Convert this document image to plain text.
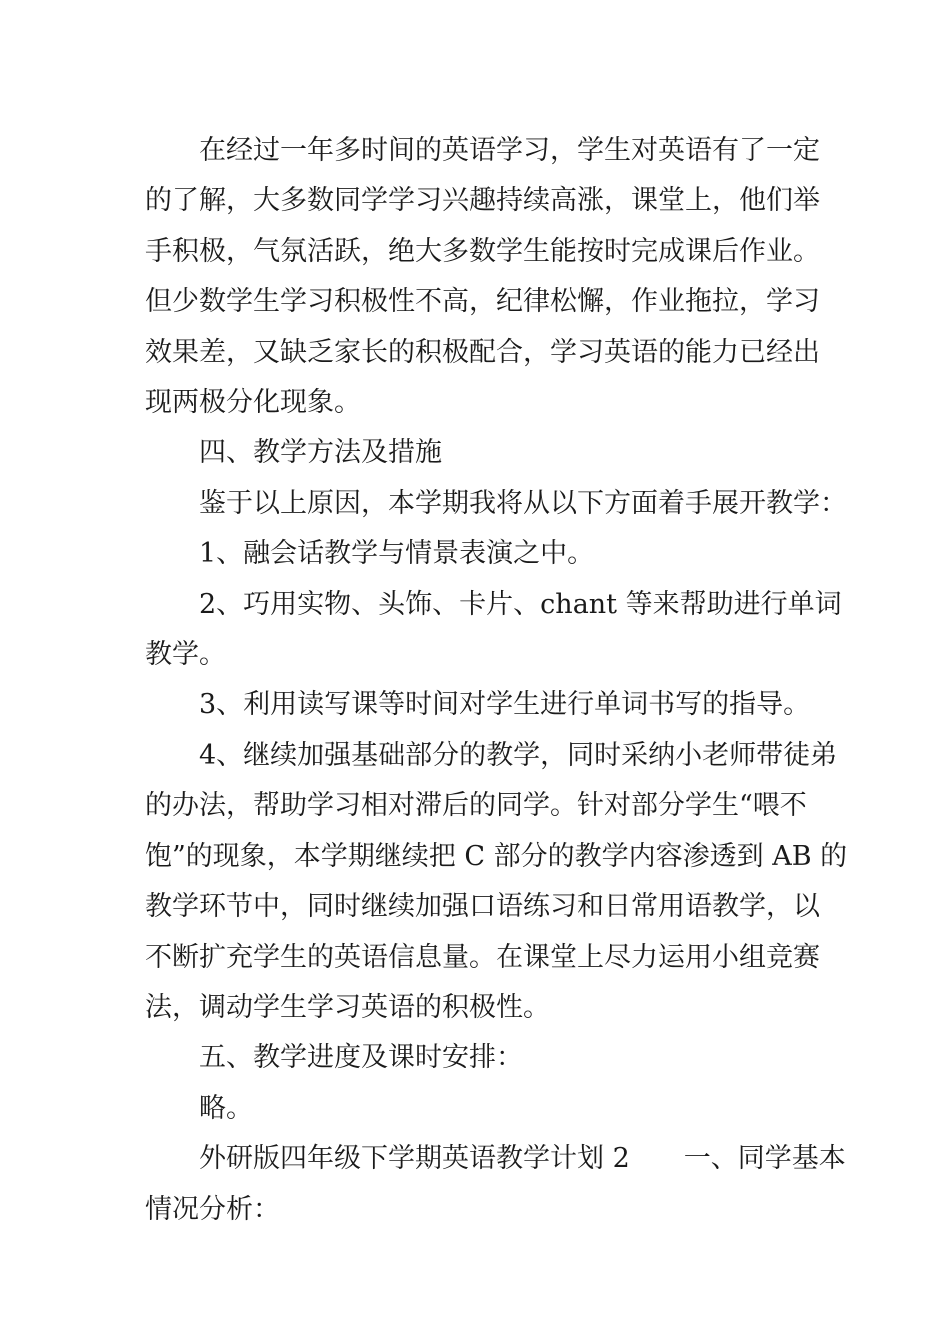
在经过一年多时间的英语学习，学生对英语有了一定
的了解，大多数同学学习兴趣持续高涨，课堂上，他们举
手积极，气氛活跃，绝大多数学生能按时完成课后作业。
但少数学生学习积极性不高，纪律松懈，作业拖拉，学习
效果差，又缺乏家长的积极配合，学习英语的能力已经出
现两极分化现象。

四、教学方法及措施

鉴于以上原因，本学期我将从以下方面着手展开教学：

1、融会话教学与情景表演之中。

2、巧用实物、头饰、卡片、chant 等来帮助进行单词
教学。

3、利用读写课等时间对学生进行单词书写的指导。

4、继续加强基础部分的教学，同时采纳小老师带徒弟
的办法，帮助学习相对滞后的同学。针对部分学生“喂不
饱”的现象，本学期继续把 C 部分的教学内容渗透到 AB 的
教学环节中，同时继续加强口语练习和日常用语教学，以
不断扩充学生的英语信息量。在课堂上尽力运用小组竞赛
法，调动学生学习英语的积极性。

五、教学进度及课时安排：

略。

外研版四年级下学期英语教学计划 2　　一、同学基本
情况分析：
